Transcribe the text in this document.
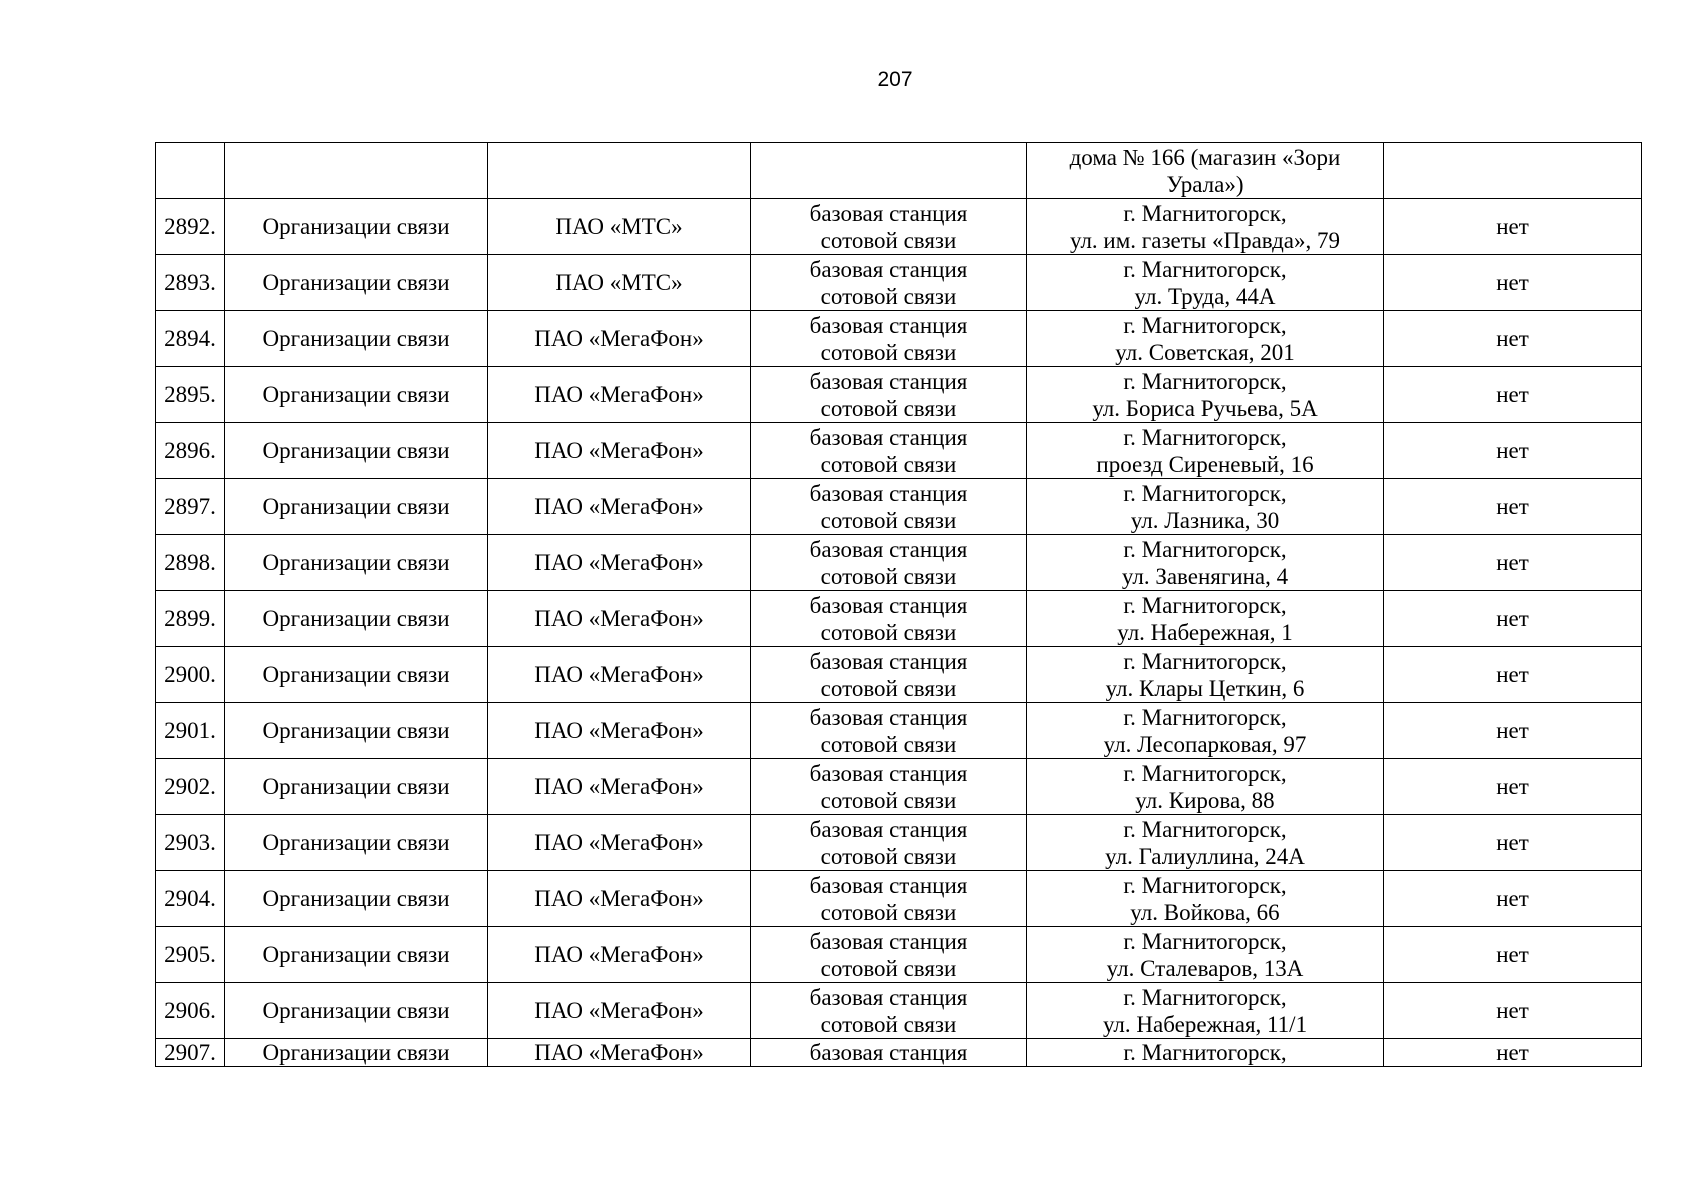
207

				дома № 166 (магазин «Зори
Урала»)	

2892.	Организации связи	ПАО «МТС»	базовая станция
сотовой связи	г. Магнитогорск,
ул. им. газеты «Правда», 79	нет
2893.	Организации связи	ПАО «МТС»	базовая станция
сотовой связи	г. Магнитогорск,
ул. Труда, 44А	нет
2894.	Организации связи	ПАО «МегаФон»	базовая станция
сотовой связи	г. Магнитогорск,
ул. Советская, 201	нет
2895.	Организации связи	ПАО «МегаФон»	базовая станция
сотовой связи	г. Магнитогорск,
ул. Бориса Ручьева, 5А	нет
2896.	Организации связи	ПАО «МегаФон»	базовая станция
сотовой связи	г. Магнитогорск,
проезд Сиреневый, 16	нет
2897.	Организации связи	ПАО «МегаФон»	базовая станция
сотовой связи	г. Магнитогорск,
ул. Лазника, 30	нет
2898.	Организации связи	ПАО «МегаФон»	базовая станция
сотовой связи	г. Магнитогорск,
ул. Завенягина, 4	нет
2899.	Организации связи	ПАО «МегаФон»	базовая станция
сотовой связи	г. Магнитогорск,
ул. Набережная, 1	нет
2900.	Организации связи	ПАО «МегаФон»	базовая станция
сотовой связи	г. Магнитогорск,
ул. Клары Цеткин, 6	нет
2901.	Организации связи	ПАО «МегаФон»	базовая станция
сотовой связи	г. Магнитогорск,
ул. Лесопарковая, 97	нет
2902.	Организации связи	ПАО «МегаФон»	базовая станция
сотовой связи	г. Магнитогорск,
ул. Кирова, 88	нет
2903.	Организации связи	ПАО «МегаФон»	базовая станция
сотовой связи	г. Магнитогорск,
ул. Галиуллина, 24А	нет
2904.	Организации связи	ПАО «МегаФон»	базовая станция
сотовой связи	г. Магнитогорск,
ул. Войкова, 66	нет
2905.	Организации связи	ПАО «МегаФон»	базовая станция
сотовой связи	г. Магнитогорск,
ул. Сталеваров, 13А	нет
2906.	Организации связи	ПАО «МегаФон»	базовая станция
сотовой связи	г. Магнитогорск,
ул. Набережная, 11/1	нет
2907.	Организации связи	ПАО «МегаФон»	базовая станция	г. Магнитогорск,	нет
